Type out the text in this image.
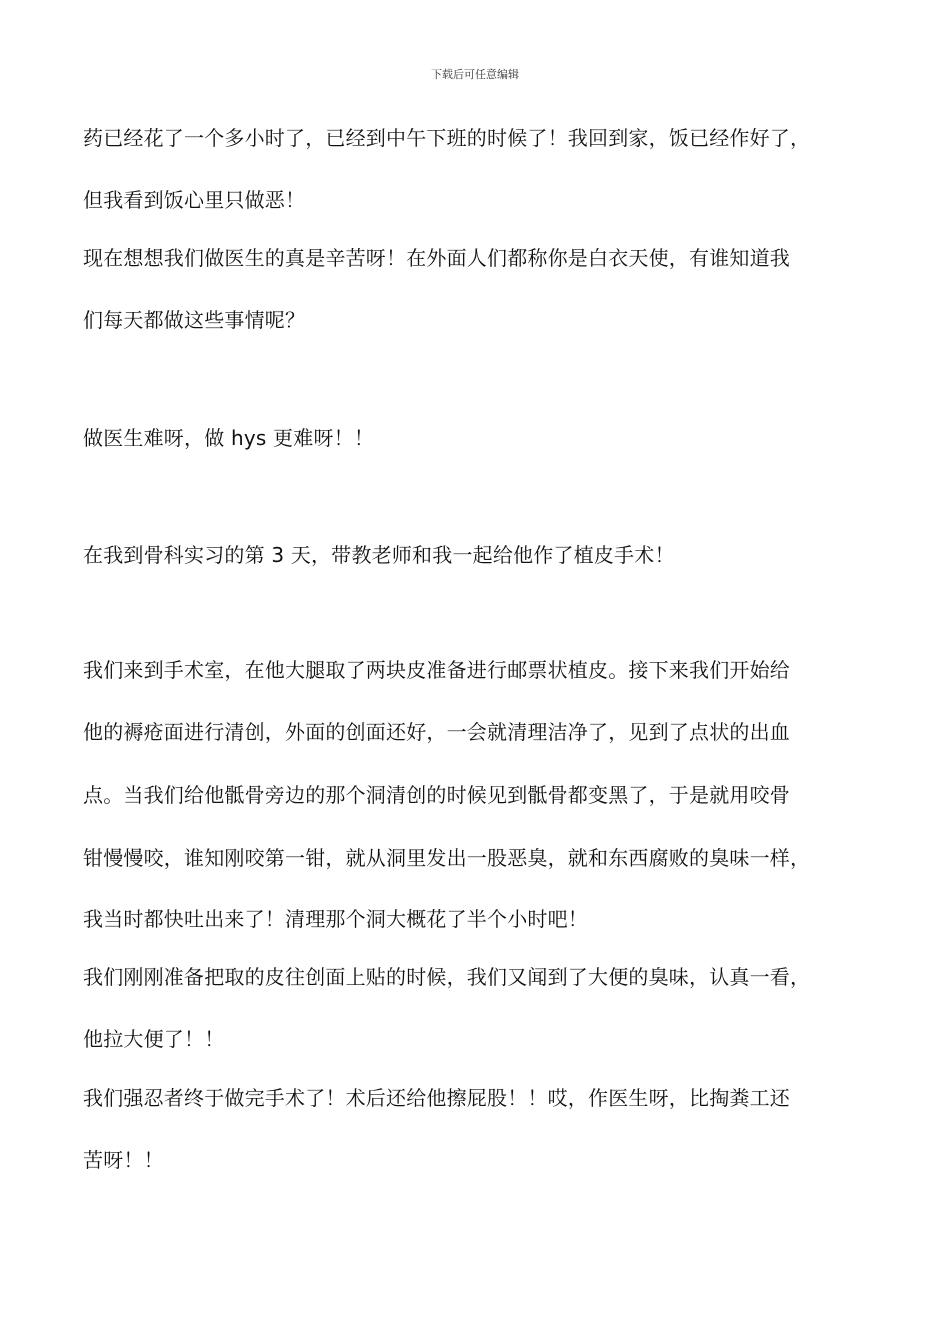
下载后可任意编辑
药已经花了一个多小时了，已经到中午下班的时候了！我回到家，饭已经作好了，
但我看到饭心里只做恶！
现在想想我们做医生的真是辛苦呀！在外面人们都称你是白衣天使，有谁知道我
们每天都做这些事情呢？
做医生难呀，做 hys 更难呀！！
在我到骨科实习的第 3 天，带教老师和我一起给他作了植皮手术！
我们来到手术室，在他大腿取了两块皮准备进行邮票状植皮。接下来我们开始给
他的褥疮面进行清创，外面的创面还好，一会就清理洁净了，见到了点状的出血
点。当我们给他骶骨旁边的那个洞清创的时候见到骶骨都变黑了，于是就用咬骨
钳慢慢咬，谁知刚咬第一钳，就从洞里发出一股恶臭，就和东西腐败的臭味一样，
我当时都快吐出来了！清理那个洞大概花了半个小时吧！
我们刚刚准备把取的皮往创面上贴的时候，我们又闻到了大便的臭味，认真一看，
他拉大便了！！
我们强忍者终于做完手术了！术后还给他擦屁股！！哎，作医生呀，比掏粪工还
苦呀！！
